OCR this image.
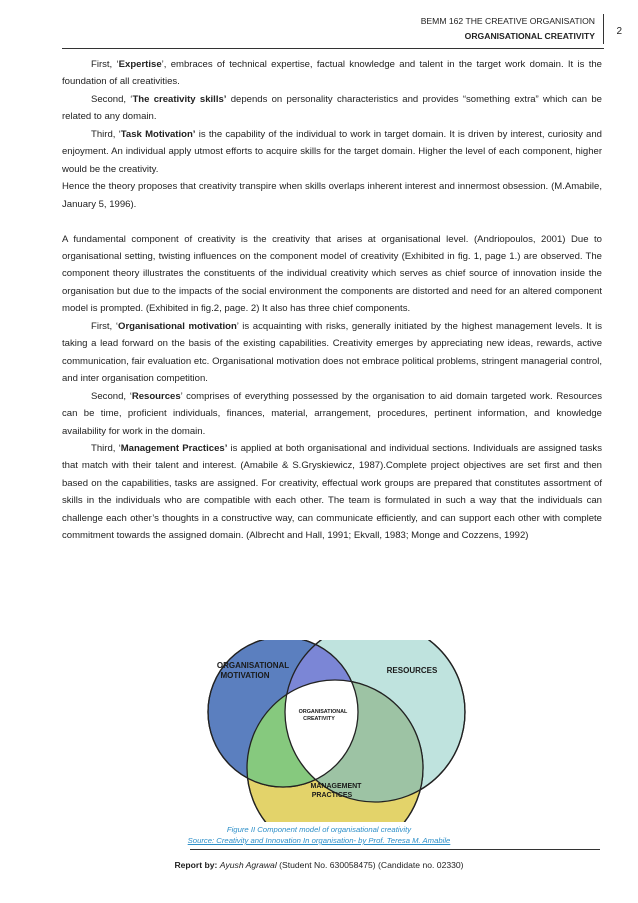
BEMM 162 THE CREATIVE ORGANISATION
ORGANISATIONAL CREATIVITY 2

First, ‘Expertise’, embraces of technical expertise, factual knowledge and talent in the target work domain. It is the foundation of all creativities.

Second, ‘The creativity skills’ depends on personality characteristics and provides “something extra” which can be related to any domain.

Third, ‘Task Motivation’ is the capability of the individual to work in target domain. It is driven by interest, curiosity and enjoyment. An individual apply utmost efforts to acquire skills for the target domain. Higher the level of each component, higher would be the creativity.

Hence the theory proposes that creativity transpire when skills overlaps inherent interest and innermost obsession. (M.Amabile, January 5, 1996).

A fundamental component of creativity is the creativity that arises at organisational level. (Andriopoulos, 2001) Due to organisational setting, twisting influences on the component model of creativity (Exhibited in fig. 1, page 1.) are observed. The component theory illustrates the constituents of the individual creativity which serves as chief source of innovation inside the organisation but due to the impacts of the social environment the components are distorted and need for an altered component model is prompted. (Exhibited in fig.2, page. 2) It also has three chief components.

First, ‘Organisational motivation’ is acquainting with risks, generally initiated by the highest management levels. It is taking a lead forward on the basis of the existing capabilities. Creativity emerges by appreciating new ideas, rewards, active communication, fair evaluation etc. Organisational motivation does not embrace political problems, stringent managerial control, and inter organisation competition.

Second, ‘Resources’ comprises of everything possessed by the organisation to aid domain targeted work. Resources can be time, proficient individuals, finances, material, arrangement, procedures, pertinent information, and knowledge availability for work in the domain.

Third, ‘Management Practices’ is applied at both organisational and individual sections. Individuals are assigned tasks that match with their talent and interest. (Amabile & S.Gryskiewicz, 1987).Complete project objectives are set first and then based on the capabilities, tasks are assigned. For creativity, effectual work groups are prepared that constitutes assortment of skills in the individuals who are compatible with each other. The team is formulated in such a way that the individuals can challenge each other’s thoughts in a constructive way, can communicate efficiently, and can support each other with complete commitment towards the assigned domain. (Albrecht and Hall, 1991; Ekvall, 1983; Monge and Cozzens, 1992)

ORGANISATIONAL
MOTIVATION
RESOURCES
ORGANISATIONAL
CREATIVITY
MANAGEMENT
PRACTICES
Figure II Component model of organisational creativity
Source: Creativity and Innovation In organisation- by Prof. Teresa M. Amabile
Report by: Ayush Agrawal (Student No. 630058475) (Candidate no. 02330)
